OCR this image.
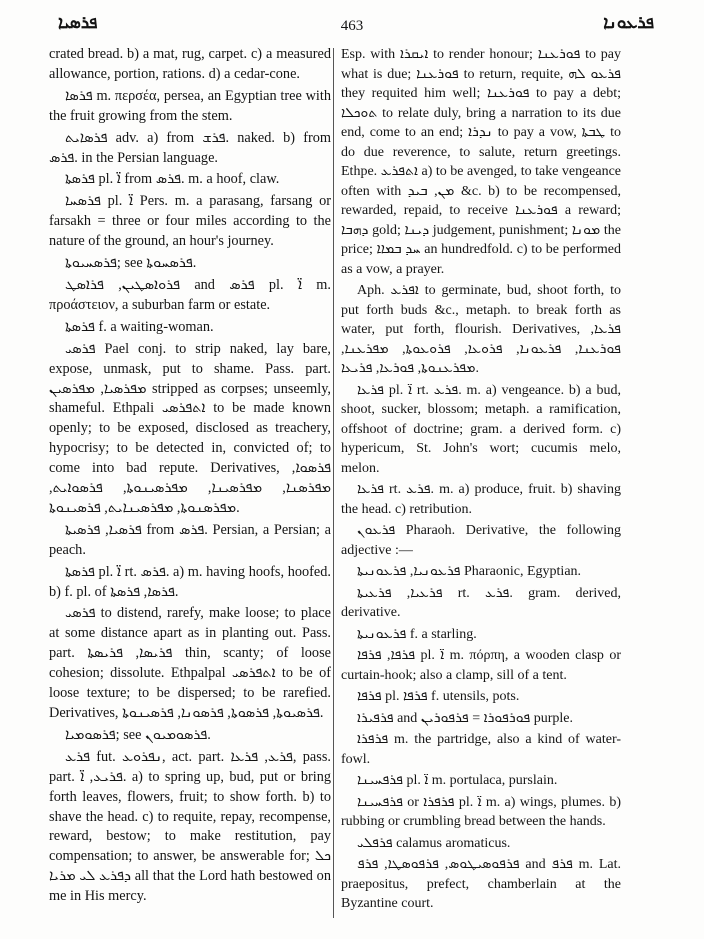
ܦܪܣܝܐ	463	ܦܪܥܘܢܐ

crated bread. b) a mat, rug, carpet. c) a measured allowance, portion, rations. d) a cedar-cone.

ܦܪܣܐ m. περσέα, persea, an Egyptian tree with the fruit growing from the stem.

ܦܪܣܐܝܬ adv. a) from ܦܪܫ. naked. b) from ܦܪܣ. in the Persian language.

ܦܪܣܬܐ pl. ܐ̈ from ܦܪܣ. m. a hoof, claw.

ܦܪܣܚܐ pl. ܐ̈ Pers. m. a parasang, farsang or farsakh = three or four miles according to the nature of the ground, an hour's journey.

ܦܪܣܚܝܘܬܐ; see ܦܪܣܚܘܬܐ.

ܦܪܘܐܣܛܝܢ, ܦܪܐܣܛ and ܦܪܣ pl. ܐ̈ m. προάστειον, a suburban farm or estate.

ܦܪܣܬܐ f. a waiting-woman.

ܦܪܣܝ Pael conj. to strip naked, lay bare, expose, unmask, put to shame. Pass. part. ܡܦܪܣܝܐ, ܡܦܪܣܝܢ stripped as corpses; unseemly, shameful. Ethpali ܐܬܦܪܣܝ to be made known openly; to be exposed, disclosed as treachery, hypocrisy; to be detected in, convicted of; to come into bad repute. Derivatives, ܦܪܣܘܐ, ܡܦܪܣܢܐ, ܡܦܪܣܝܢܐ, ܡܦܪܣܝܢܘܬܐ, ܦܪܣܘܐܝܬ, ܡܦܪܣܢܘܬܐ, ܡܦܪܣܝܢܐܝܬ, ܦܪܣܝܢܘܬܐ.

ܦܪܣܝܐ, ܦܪܣܝܬܐ from ܦܪܣ. Persian, a Persian; a peach.

ܦܪܣܬܐ pl. ܐ̈ rt. ܦܪܣ. a) m. having hoofs, hoofed. b) f. pl. of ܦܪܣܐ, ܦܪܣܬܐ.

ܦܪܣܝ to distend, rarefy, make loose; to place at some distance apart as in planting out. Pass. part. ܦܪܝܣܐ, ܦܪܝܣܬܐ thin, scanty; of loose cohesion; dissolute. Ethpalpal ܐܬܦܪܣܝ to be of loose texture; to be dispersed; to be rarefied. Derivatives, ܦܪܣܝܘܬܐ, ܦܪܣܘܬܐ, ܦܪܣܘܢܐ, ܦܪܣܝܢܘܬܐ.

ܦܪܣܘܡܝܐ; see ܦܪܣܘܡܝܘܢ.

ܦܪܥ fut. ܢܦܪܘܥ, act. part. ܦܪܥ, ܦܪܥܐ, pass. part. ܦܪܝܥ, ܐ̈. a) to spring up, bud, put or bring forth leaves, flowers, fruit; to show forth. b) to shave the head. c) to requite, repay, recompense, reward, bestow; to make restitution, pay compensation; to answer, be answerable for; ܟܠ ܕܦܪܥ ܠܝ ܡܪܝܐ all that the Lord hath bestowed on me in His mercy.

Esp. with ܐܝܩܪܐ to render honour; ܦܘܪܥܢܐ to pay what is due; ܦܘܪܥܢܐ to return, requite, ܦܪܥܘ ܠܗ they requited him well; ܦܘܪܥܢܐ to pay a debt; ܬܘܟܠܐ to relate duly, bring a narration to its due end, come to an end; ܢܕܪܐ to pay a vow, ܛܒܬܐ to do due reverence, to salute, return greetings. Ethpe. ܐܬܦܪܥ a) to be avenged, to take vengeance often with ܡܢ, ܒܝܕ &c. b) to be recompensed, rewarded, repaid, to receive ܦܘܪܥܢܐ a reward; ܕܗܒܐ gold; ܕܝܢܐ judgement, punishment; ܡܘܢܐ the price; ܚܕ ܒܡܐܐ an hundredfold. c) to be performed as a vow, a prayer.

Aph. ܐܦܪܥ to germinate, bud, shoot forth, to put forth buds &c., metaph. to break forth as water, put forth, flourish. Derivatives, ܦܪܥܐ, ܦܘܪܥܢܐ, ܦܪܥܘܢܐ, ܦܪܘܥܐ, ܦܪܘܥܘܬܐ, ܡܦܪܥܢܐ, ܡܦܪܥܢܘܬܐ, ܦܘܪܥܐ, ܦܪܝܥܐ.

ܦܪܥܐ pl. ܐ̈ rt. ܦܪܥ. m. a) vengeance. b) a bud, shoot, sucker, blossom; metaph. a ramification, offshoot of doctrine; gram. a derived form. c) hypericum, St. John's wort; cucumis melo, melon.

ܦܪܥܐ rt. ܦܪܥ. m. a) produce, fruit. b) shaving the head. c) retribution.

ܦܪܥܘܢ Pharaoh. Derivative, the following adjective :—

ܦܪܥܘܢܝܐ, ܦܪܥܘܢܝܬܐ Pharaonic, Egyptian.

ܦܪܥܝܐ, ܦܪܥܝܬܐ rt. ܦܪܥ. gram. derived, derivative.

ܦܪܥܘܢܝܬܐ f. a starling.

ܦܪܦܐ, ܦܪܦܐ pl. ܐ̈ m. πόρπη, a wooden clasp or curtain-hook; also a clamp, sill of a tent.

ܦܪܦܐ pl. ܦܪܦܐ f. utensils, pots.

ܦܪܦܝܪܐ and ܦܘܪܦܘܪܐ = ܦܪܦܘܪܝܢ purple.

ܦܪܦܪܐ m. the partridge, also a kind of water-fowl.

ܦܪܦܚܝܢܐ pl. ܐ̈ m. portulaca, purslain.

ܦܪܦܚܝܢܐ or ܦܪܦܪܐ pl. ܐ̈ m. a) wings, plumes. b) rubbing or crumbling bread between the hands.

ܦܪܦܠܝ calamus aromaticus.

ܦܪܦܘܣܝܛܘܣ, ܦܪܦܘܣܛܐ, ܦܪܦ and ܦܪܦ m. Lat. praepositus, prefect, chamberlain at the Byzantine court.
